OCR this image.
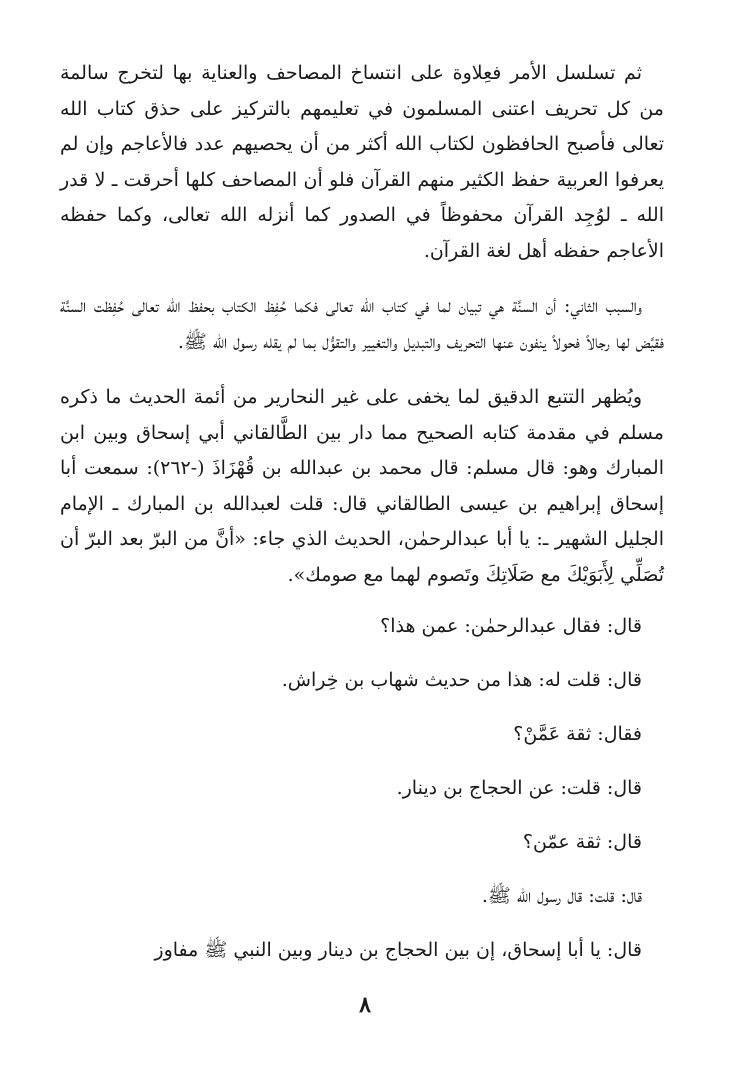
ثم تسلسل الأمر فعِلاوة على انتساخ المصاحف والعناية بها لتخرج سالمة من كل تحريف اعتنى المسلمون في تعليمهم بالتركيز على حذق كتاب الله تعالى فأصبح الحافظون لكتاب الله أكثر من أن يحصيهم عدد فالأعاجم وإن لم يعرفوا العربية حفظ الكثير منهم القرآن فلو أن المصاحف كلها أحرقت ـ لا قدر الله ـ لوُجِد القرآن محفوظاً في الصدور كما أنزله الله تعالى، وكما حفظه الأعاجم حفظه أهل لغة القرآن.

والسبب الثاني: أن السنَّة هي تبيان لما في كتاب الله تعالى فكما حُفِظ الكتاب بحفظ الله تعالى حُفِظت السنَّة فقيَّض لها رجالاً فحولاً ينفون عنها التحريف والتبديل والتغيير والتقوُّل بما لم يقله رسول الله ﷺ.

ويُظهر التتبع الدقيق لما يخفى على غير النحارير من أئمة الحديث ما ذكره مسلم في مقدمة كتابه الصحيح مما دار بين الطَّالقاني أبي إسحاق وبين ابن المبارك وهو: قال مسلم: قال محمد بن عبدالله بن قُهْزَاذَ (-٢٦٢): سمعت أبا إسحاق إبراهيم بن عيسى الطالقاني قال: قلت لعبدالله بن المبارك ـ الإمام الجليل الشهير ـ: يا أبا عبدالرحمٰن، الحديث الذي جاء: «أنَّ من البرّ بعد البرّ أن تُصَلِّي لِأَبَوَيْكَ مع صَلَاتِكَ وتَصوم لهما مع صومك».

قال: فقال عبدالرحمٰن: عمن هذا؟
قال: قلت له: هذا من حديث شهاب بن خِراش.
فقال: ثقة عَمَّنْ؟
قال: قلت: عن الحجاج بن دينار.
قال: ثقة عمّن؟
قال: قلت: قال رسول الله ﷺ.
قال: يا أبا إسحاق، إن بين الحجاج بن دينار وبين النبي ﷺ مفاوز
٨
